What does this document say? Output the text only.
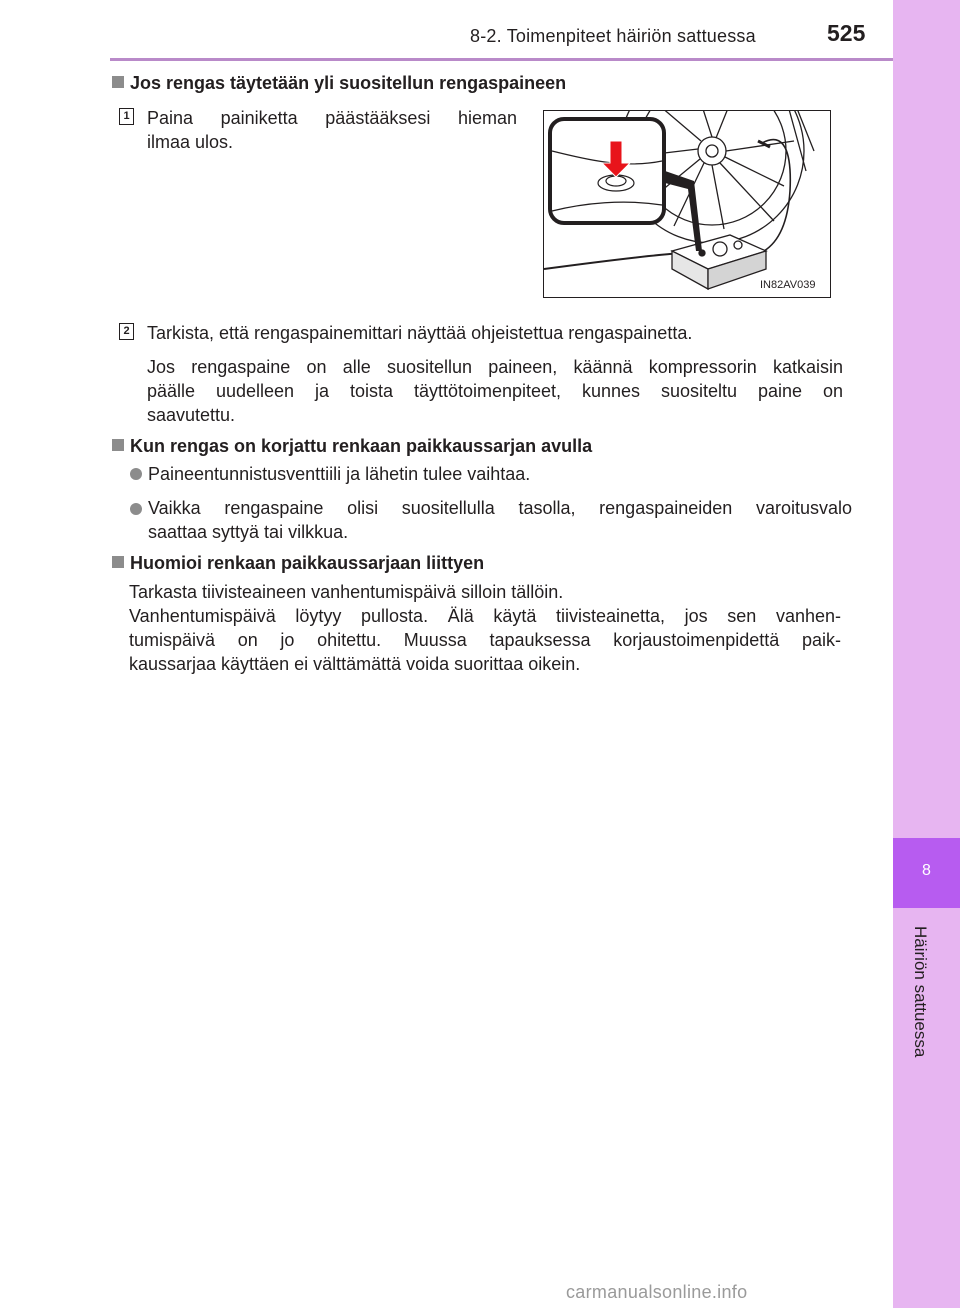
8-2. Toimenpiteet häiriön sattuessa	525
8
Häiriön sattuessa
Jos rengas täytetään yli suositellun rengaspaineen
1 Paina painiketta päästääksesi hieman
ilmaa ulos.
IN82AV039
2 Tarkista, että rengaspainemittari näyttää ohjeistettua rengaspainetta.
Jos rengaspaine on alle suositellun paineen, käännä kompressorin katkaisin
päälle uudelleen ja toista täyttötoimenpiteet, kunnes suositeltu paine on
saavutettu.
Kun rengas on korjattu renkaan paikkaussarjan avulla
Paineentunnistusventtiili ja lähetin tulee vaihtaa.
Vaikka rengaspaine olisi suositellulla tasolla, rengaspaineiden varoitusvalo
saattaa syttyä tai vilkkua.
Huomioi renkaan paikkaussarjaan liittyen
Tarkasta tiivisteaineen vanhentumispäivä silloin tällöin.
Vanhentumispäivä löytyy pullosta. Älä käytä tiivisteainetta, jos sen vanhen-
tumispäivä on jo ohitettu. Muussa tapauksessa korjaustoimenpidettä paik-
kaussarjaa käyttäen ei välttämättä voida suorittaa oikein.
carmanualsonline.info
